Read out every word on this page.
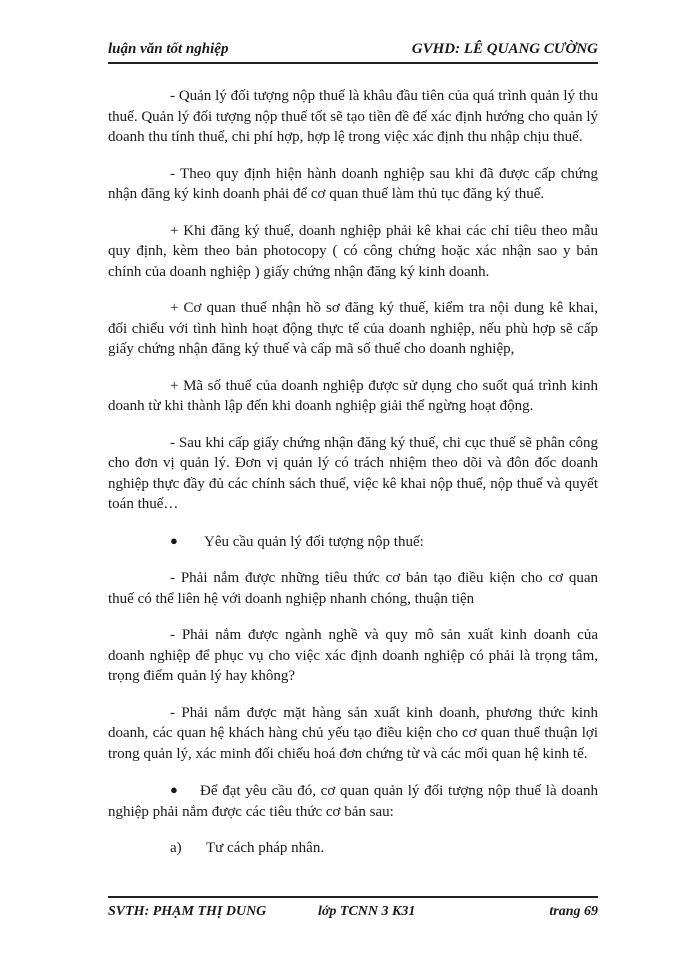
luận văn tốt nghiệp	GVHD: LÊ QUANG CƯỜNG

- Quản lý đối tượng nộp thuế là khâu đầu tiên của quá trình quản lý thu thuế. Quản lý đối tượng nộp thuế tốt sẽ tạo tiền đề để xác định hướng cho quản lý doanh thu tính thuế, chi phí hợp, hợp lệ trong việc xác định thu nhập chịu thuế.

- Theo quy định hiện hành doanh nghiệp sau khi đã được cấp chứng nhận đăng ký kinh doanh phải để cơ quan thuế làm thủ tục đăng ký thuế.

+ Khi đăng ký thuế, doanh nghiệp phải kê khai các chỉ tiêu theo mẫu quy định, kèm theo bản photocopy ( có công chứng hoặc xác nhận sao y bản chính của doanh nghiệp ) giấy chứng nhận đăng ký kinh doanh.

+ Cơ quan thuế nhận hồ sơ đăng ký thuế, kiểm tra nội dung kê khai, đối chiếu với tình hình hoạt động thực tế của doanh nghiệp, nếu phù hợp sẽ cấp giấy chứng nhận đăng ký thuế và cấp mã số thuế cho doanh nghiệp,

+ Mã số thuế của doanh nghiệp được sử dụng cho suốt quá trình kinh doanh từ khi thành lập đến khi doanh nghiệp giải thể ngừng hoạt động.

- Sau khi cấp giấy chứng nhận đăng ký thuế, chi cục thuế sẽ phân công cho đơn vị quản lý. Đơn vị quản lý có trách nhiệm theo dõi và đôn đốc doanh nghiệp thực đầy đủ các chính sách thuế, việc kê khai nộp thuế, nộp thuế và quyết toán thuế…

● Yêu cầu quản lý đối tượng nộp thuế:

- Phải nắm được những tiêu thức cơ bản tạo điều kiện cho cơ quan thuế có thể liên hệ với doanh nghiệp nhanh chóng, thuận tiện

- Phải nắm được ngành nghề và quy mô sản xuất kinh doanh của doanh nghiệp để phục vụ cho việc xác định doanh nghiệp có phải là trọng tâm, trọng điểm quản lý hay không?

- Phải nắm được mặt hàng sản xuất kinh doanh, phương thức kinh doanh, các quan hệ khách hàng chủ yếu tạo điều kiện cho cơ quan thuế thuận lợi trong quản lý, xác minh đối chiếu hoá đơn chứng từ và các mối quan hệ kinh tế.

● Để đạt yêu cầu đó, cơ quan quản lý đối tượng nộp thuế là doanh nghiệp phải nắm được các tiêu thức cơ bản sau:

a) Tư cách pháp nhân.

SVTH: PHẠM THỊ DUNG	lớp TCNN 3 K31	trang 69
